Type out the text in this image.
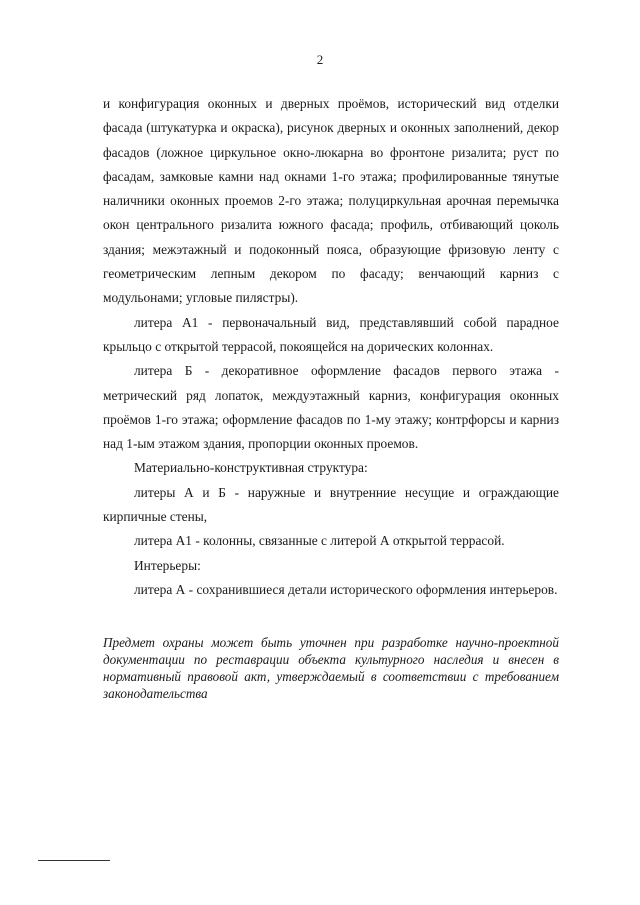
2

и конфигурация оконных и дверных проёмов, исторический вид отделки фасада (штукатурка и окраска), рисунок дверных и оконных заполнений, декор фасадов (ложное циркульное окно-люкарна во фронтоне ризалита; руст по фасадам, замковые камни над окнами 1-го этажа; профилированные тянутые наличники оконных проемов 2-го этажа; полуциркульная арочная перемычка окон центрального ризалита южного фасада; профиль, отбивающий цоколь здания; межэтажный и подоконный пояса, образующие фризовую ленту с геометрическим лепным декором по фасаду; венчающий карниз с модульонами; угловые пилястры).

литера А1 - первоначальный вид, представлявший собой парадное крыльцо с открытой террасой, покоящейся на дорических колоннах.

литера Б - декоративное оформление фасадов первого этажа - метрический ряд лопаток, междуэтажный карниз, конфигурация оконных проёмов 1-го этажа; оформление фасадов по 1-му этажу; контрфорсы и карниз над 1-ым этажом здания, пропорции оконных проемов.

Материально-конструктивная структура:

литеры А и Б - наружные и внутренние несущие и ограждающие кирпичные стены,

литера А1 - колонны, связанные с литерой А открытой террасой.

Интерьеры:

литера А - сохранившиеся детали исторического оформления интерьеров.

Предмет охраны может быть уточнен при разработке научно-проектной документации по реставрации объекта культурного наследия и внесен в нормативный правовой акт, утверждаемый в соответствии с требованием законодательства
